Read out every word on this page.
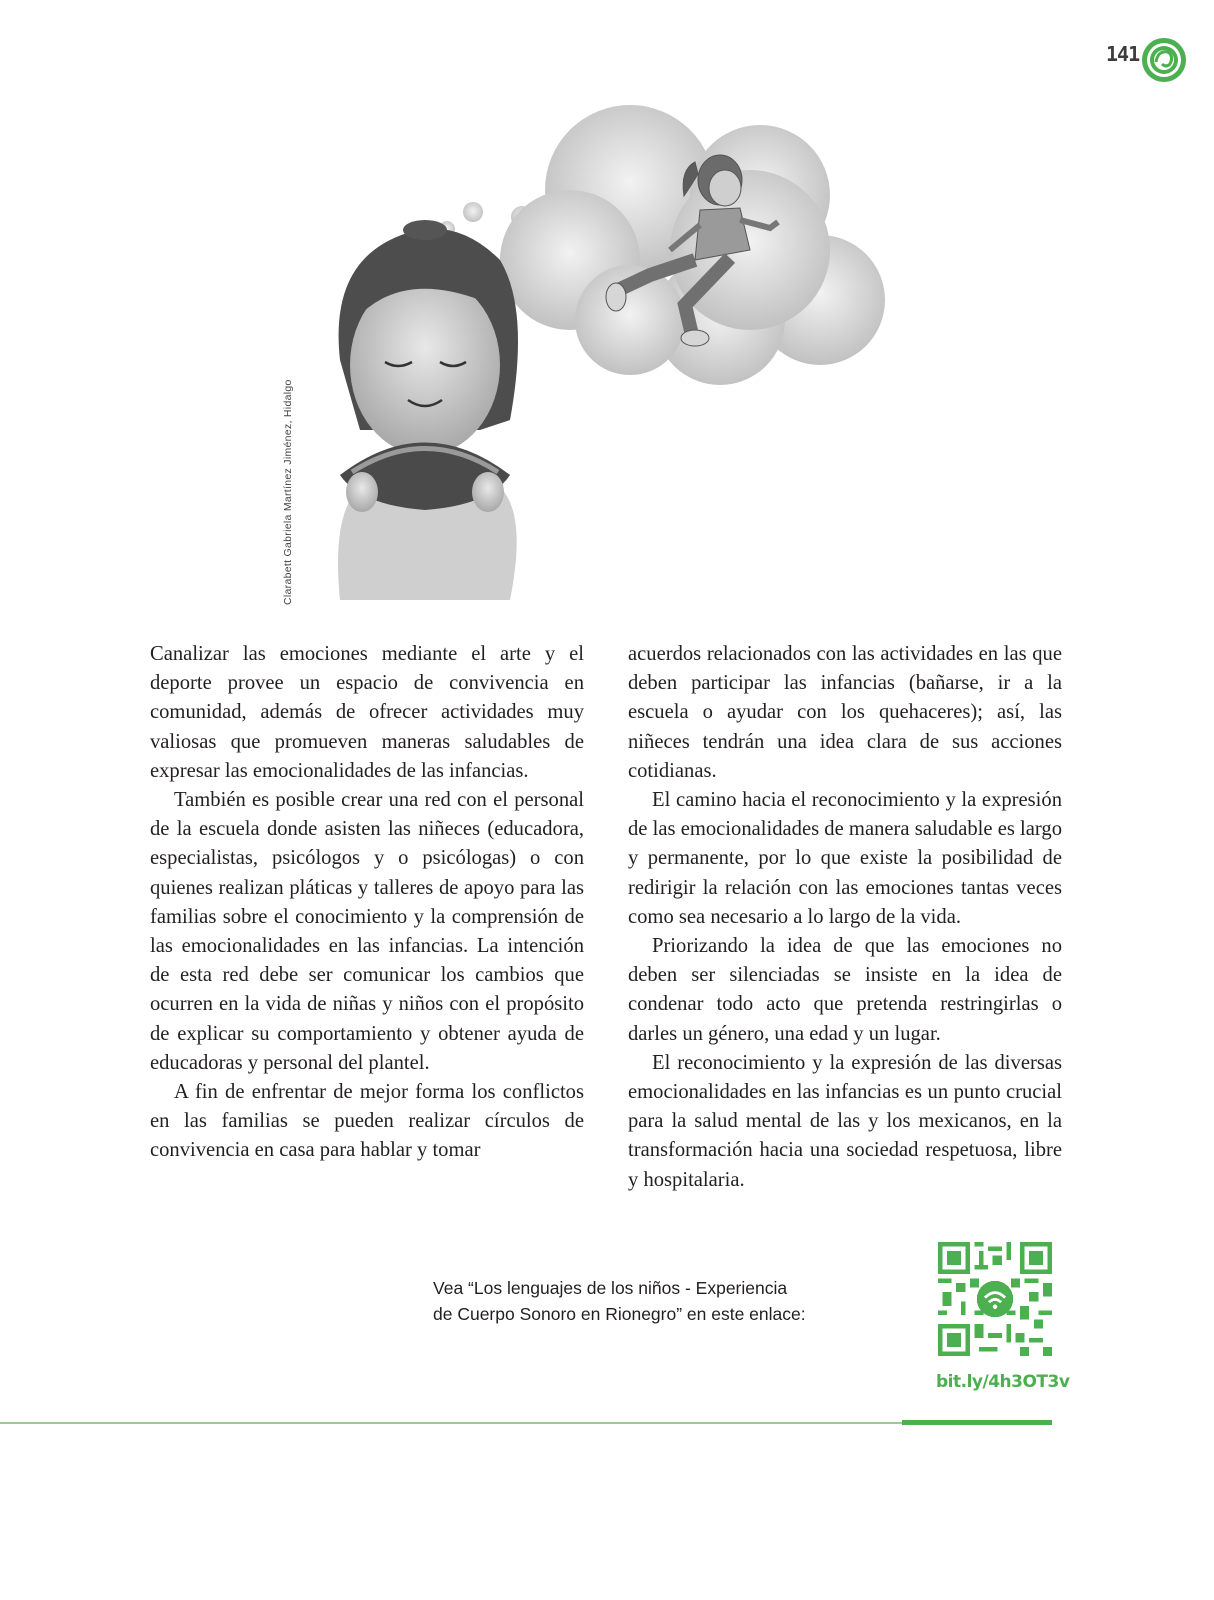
141
Clarabett Gabriela Martínez Jiménez, Hidalgo

Canalizar las emociones mediante el arte y el deporte provee un espacio de convivencia en comunidad, además de ofrecer actividades muy valiosas que promueven maneras saludables de expresar las emocionalidades de las infancias.

También es posible crear una red con el personal de la escuela donde asisten las niñeces (educadora, especialistas, psicólogos y o psicólogas) o con quienes realizan pláticas y talleres de apoyo para las familias sobre el conocimiento y la comprensión de las emocionalidades en las infancias. La intención de esta red debe ser comunicar los cambios que ocurren en la vida de niñas y niños con el propósito de explicar su comportamiento y obtener ayuda de educadoras y personal del plantel.

A fin de enfrentar de mejor forma los conflictos en las familias se pueden realizar círculos de convivencia en casa para hablar y tomar

acuerdos relacionados con las actividades en las que deben participar las infancias (bañarse, ir a la escuela o ayudar con los quehaceres); así, las niñeces tendrán una idea clara de sus acciones cotidianas.

El camino hacia el reconocimiento y la expresión de las emocionalidades de manera saludable es largo y permanente, por lo que existe la posibilidad de redirigir la relación con las emociones tantas veces como sea necesario a lo largo de la vida.

Priorizando la idea de que las emociones no deben ser silenciadas se insiste en la idea de condenar todo acto que pretenda restringirlas o darles un género, una edad y un lugar.

El reconocimiento y la expresión de las diversas emocionalidades en las infancias es un punto crucial para la salud mental de las y los mexicanos, en la transformación hacia una sociedad respetuosa, libre y hospitalaria.

Vea “Los lenguajes de los niños - Experiencia
de Cuerpo Sonoro en Rionegro” en este enlace:
bit.ly/4h3OT3v
